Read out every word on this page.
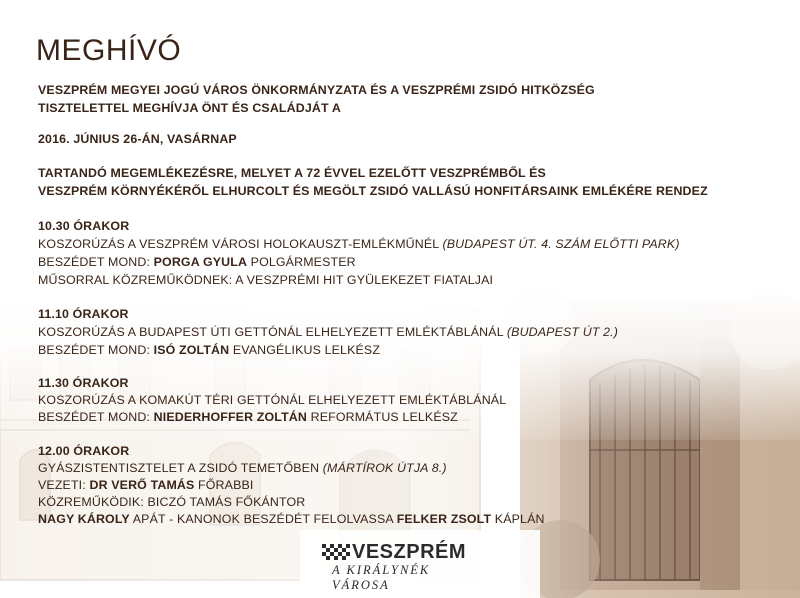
MEGHÍVÓ
VESZPRÉM MEGYEI JOGÚ VÁROS ÖNKORMÁNYZATA ÉS A VESZPRÉMI ZSIDÓ HITKÖZSÉG
TISZTELETTEL MEGHÍVJA ÖNT ÉS CSALÁDJÁT A
2016. JÚNIUS 26-ÁN, VASÁRNAP
TARTANDÓ MEGEMLÉKEZÉSRE, MELYET A 72 ÉVVEL EZELŐTT VESZPRÉMBŐL ÉS
VESZPRÉM KÖRNYÉKÉRŐL ELHURCOLT ÉS MEGÖLT ZSIDÓ VALLÁSÚ HONFITÁRSAINK EMLÉKÉRE RENDEZ
10.30 ÓRAKOR
KOSZORÚZÁS A VESZPRÉM VÁROSI HOLOKAUSZT-EMLÉKMŰNÉL (BUDAPEST ÚT. 4. SZÁM ELŐTTI PARK)
BESZÉDET MOND: PORGA GYULA POLGÁRMESTER
MŰSORRAL KÖZREMŰKÖDNEK: A VESZPRÉMI HIT GYÜLEKEZET FIATALJAI
11.10 ÓRAKOR
KOSZORÚZÁS A BUDAPEST ÚTI GETTÓNÁL ELHELYEZETT EMLÉKTÁBLÁNÁL (BUDAPEST ÚT 2.)
BESZÉDET MOND: ISÓ ZOLTÁN EVANGÉLIKUS LELKÉSZ
11.30 ÓRAKOR
KOSZORÚZÁS A KOMAKÚT TÉRI GETTÓNÁL ELHELYEZETT EMLÉKTÁBLÁNÁL
BESZÉDET MOND: NIEDERHOFFER ZOLTÁN REFORMÁTUS LELKÉSZ
12.00 ÓRAKOR
GYÁSZISTENTISZTELET A ZSIDÓ TEMETŐBEN (MÁRTÍROK ÚTJA 8.)
VEZETI: DR VERŐ TAMÁS FŐRABBI
KÖZREMŰKÖDIK: BICZÓ TAMÁS FŐKÁNTOR
NAGY KÁROLY APÁT - KANONOK BESZÉDÉT FELOLVASSA FELKER ZSOLT KÁPLÁN
VESZPRÉM
A KIRÁLYNÉK VÁROSA
